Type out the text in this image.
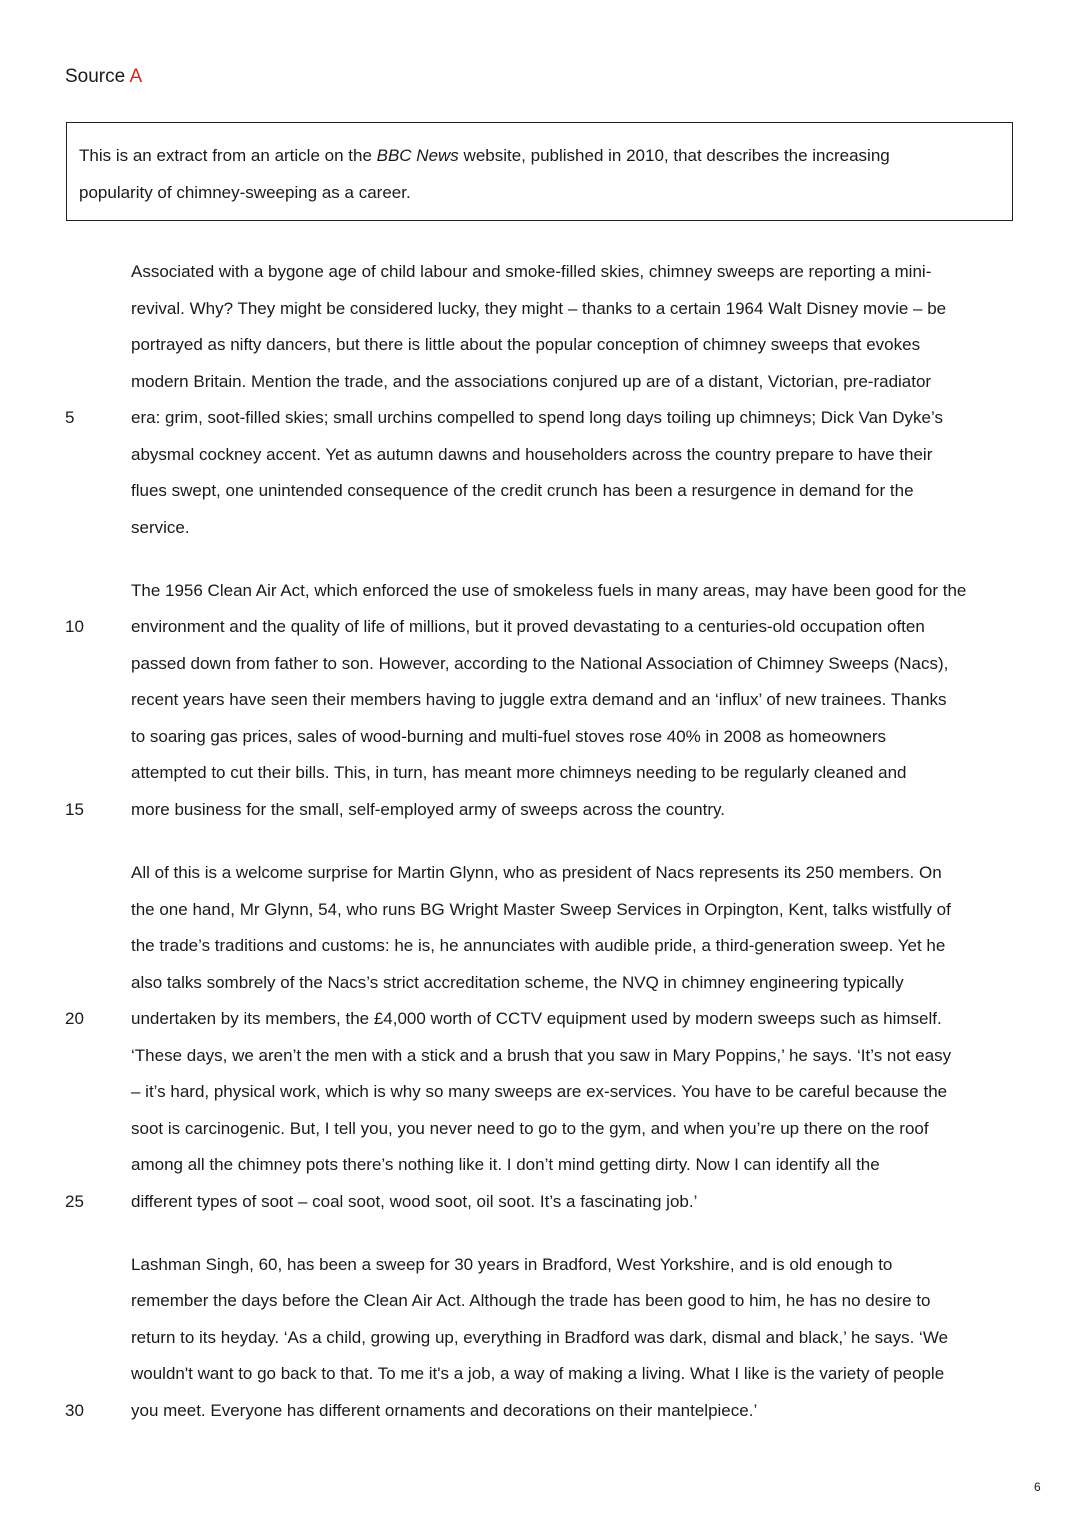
Source A
This is an extract from an article on the BBC News website, published in 2010, that describes the increasing
popularity of chimney-sweeping as a career.
Associated with a bygone age of child labour and smoke-filled skies, chimney sweeps are reporting a mini-
revival. Why? They might be considered lucky, they might – thanks to a certain 1964 Walt Disney movie – be
portrayed as nifty dancers, but there is little about the popular conception of chimney sweeps that evokes
modern Britain. Mention the trade, and the associations conjured up are of a distant, Victorian, pre-radiator
era: grim, soot-filled skies; small urchins compelled to spend long days toiling up chimneys; Dick Van Dyke’s
abysmal cockney accent. Yet as autumn dawns and householders across the country prepare to have their
flues swept, one unintended consequence of the credit crunch has been a resurgence in demand for the
service.
The 1956 Clean Air Act, which enforced the use of smokeless fuels in many areas, may have been good for the
environment and the quality of life of millions, but it proved devastating to a centuries-old occupation often
passed down from father to son. However, according to the National Association of Chimney Sweeps (Nacs),
recent years have seen their members having to juggle extra demand and an ‘influx’ of new trainees. Thanks
to soaring gas prices, sales of wood-burning and multi-fuel stoves rose 40% in 2008 as homeowners
attempted to cut their bills. This, in turn, has meant more chimneys needing to be regularly cleaned and
more business for the small, self-employed army of sweeps across the country.
All of this is a welcome surprise for Martin Glynn, who as president of Nacs represents its 250 members. On
the one hand, Mr Glynn, 54, who runs BG Wright Master Sweep Services in Orpington, Kent, talks wistfully of
the trade’s traditions and customs: he is, he annunciates with audible pride, a third-generation sweep. Yet he
also talks sombrely of the Nacs’s strict accreditation scheme, the NVQ in chimney engineering typically
undertaken by its members, the £4,000 worth of CCTV equipment used by modern sweeps such as himself.
‘These days, we aren’t the men with a stick and a brush that you saw in Mary Poppins,’ he says. ‘It’s not easy
– it’s hard, physical work, which is why so many sweeps are ex-services. You have to be careful because the
soot is carcinogenic. But, I tell you, you never need to go to the gym, and when you’re up there on the roof
among all the chimney pots there’s nothing like it. I don’t mind getting dirty. Now I can identify all the
different types of soot – coal soot, wood soot, oil soot. It’s a fascinating job.’
Lashman Singh, 60, has been a sweep for 30 years in Bradford, West Yorkshire, and is old enough to
remember the days before the Clean Air Act. Although the trade has been good to him, he has no desire to
return to its heyday. ‘As a child, growing up, everything in Bradford was dark, dismal and black,’ he says. ‘We
wouldn't want to go back to that. To me it's a job, a way of making a living. What I like is the variety of people
you meet. Everyone has different ornaments and decorations on their mantelpiece.’
5
10
15
20
25
30
6
